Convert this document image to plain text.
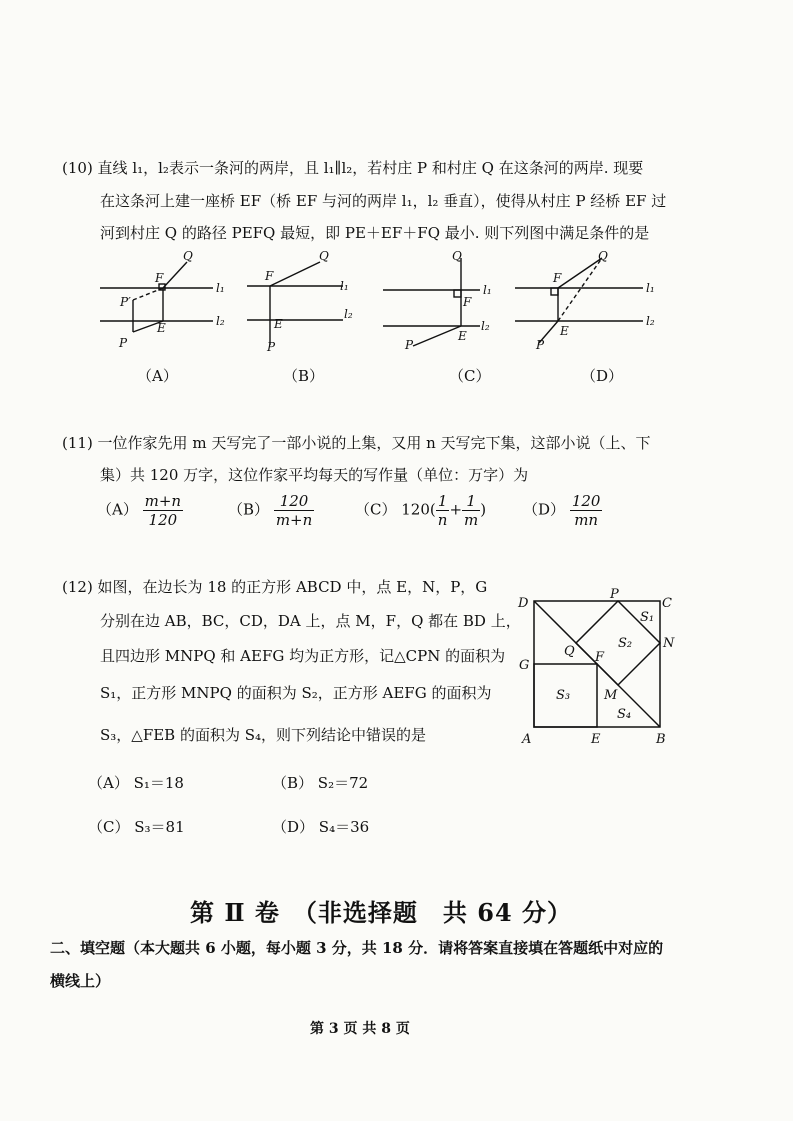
(10) 直线 l₁，l₂表示一条河的两岸，且 l₁∥l₂，若村庄 P 和村庄 Q 在这条河的两岸. 现要
在这条河上建一座桥 EF（桥 EF 与河的两岸 l₁，l₂ 垂直），使得从村庄 P 经桥 EF 过
河到村庄 Q 的路径 PEFQ 最短，即 PE＋EF＋FQ 最小. 则下列图中满足条件的是
F
Q
l₁
l₂
P′
E
P
F
Q
l₁
l₂
E
P
Q
F
l₁
l₂
E
P
F
Q
l₁
l₂
E
P
（A）	（B）	（C）	（D）
(11) 一位作家先用 m 天写完了一部小说的上集，又用 n 天写完下集，这部小说（上、下
集）共 120 万字，这位作家平均每天的写作量（单位：万字）为
$(A) \frac{m+n}{120}$	$(B) \frac{120}{m+n}$	（C） $120( \frac{1}{n} + \frac{1}{m}$ ) $(D) \frac{120}{mn}$
(12) 如图，在边长为 18 的正方形 ABCD 中，点 E，N，P，G
分别在边 AB，BC，CD，DA 上，点 M，F，Q 都在 BD 上，
且四边形 MNPQ 和 AEFG 均为正方形，记△CPN 的面积为
S₁，正方形 MNPQ 的面积为 S₂，正方形 AEFG 的面积为
S₃，△FEB 的面积为 S₄，则下列结论中错误的是
D
P
C
S₁
S₂ N
Q F
G
S₃	M
S₄
A	E	B
（A） S₁＝18	（B） S₂＝72
（C） S₃＝81	（D） S₄＝36
第 Ⅱ 卷　（非选择题　共 64 分）
二、填空题（本大题共 6 小题，每小题 3 分，共 18 分．请将答案直接填在答题纸中对应的
横线上）
第 3 页 共 8 页
